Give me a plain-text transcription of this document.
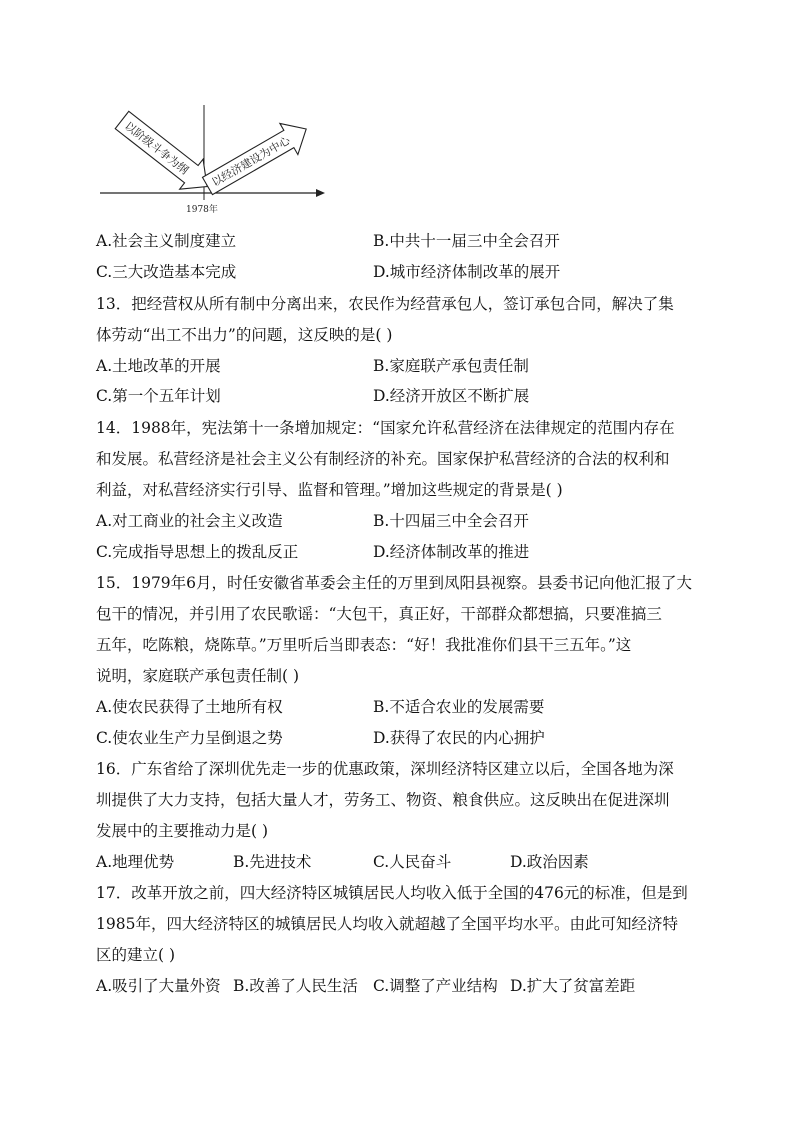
以阶级斗争为纲 以经济建设为中心
1978年
A.社会主义制度建立	B.中共十一届三中全会召开
C.三大改造基本完成	D.城市经济体制改革的展开
13．把经营权从所有制中分离出来，农民作为经营承包人，签订承包合同，解决了集
体劳动“出工不出力”的问题，这反映的是( )
A.土地改革的开展	B.家庭联产承包责任制
C.第一个五年计划	D.经济开放区不断扩展
14．1988年，宪法第十一条增加规定：“国家允许私营经济在法律规定的范围内存在
和发展。私营经济是社会主义公有制经济的补充。国家保护私营经济的合法的权利和
利益，对私营经济实行引导、监督和管理。”增加这些规定的背景是( )
A.对工商业的社会主义改造	B.十四届三中全会召开
C.完成指导思想上的拨乱反正	D.经济体制改革的推进
15．1979年6月，时任安徽省革委会主任的万里到凤阳县视察。县委书记向他汇报了大
包干的情况，并引用了农民歌谣：“大包干，真正好，干部群众都想搞，只要准搞三
五年，吃陈粮，烧陈草。”万里听后当即表态：“好！我批准你们县干三五年。”这
说明，家庭联产承包责任制( )
A.使农民获得了土地所有权	B.不适合农业的发展需要
C.使农业生产力呈倒退之势	D.获得了农民的内心拥护
16．广东省给了深圳优先走一步的优惠政策，深圳经济特区建立以后，全国各地为深
圳提供了大力支持，包括大量人才，劳务工、物资、粮食供应。这反映出在促进深圳
发展中的主要推动力是( )
A.地理优势	B.先进技术	C.人民奋斗	D.政治因素
17．改革开放之前，四大经济特区城镇居民人均收入低于全国的476元的标准，但是到
1985年，四大经济特区的城镇居民人均收入就超越了全国平均水平。由此可知经济特
区的建立( )
A.吸引了大量外资 B.改善了人民生活 C.调整了产业结构 D.扩大了贫富差距
